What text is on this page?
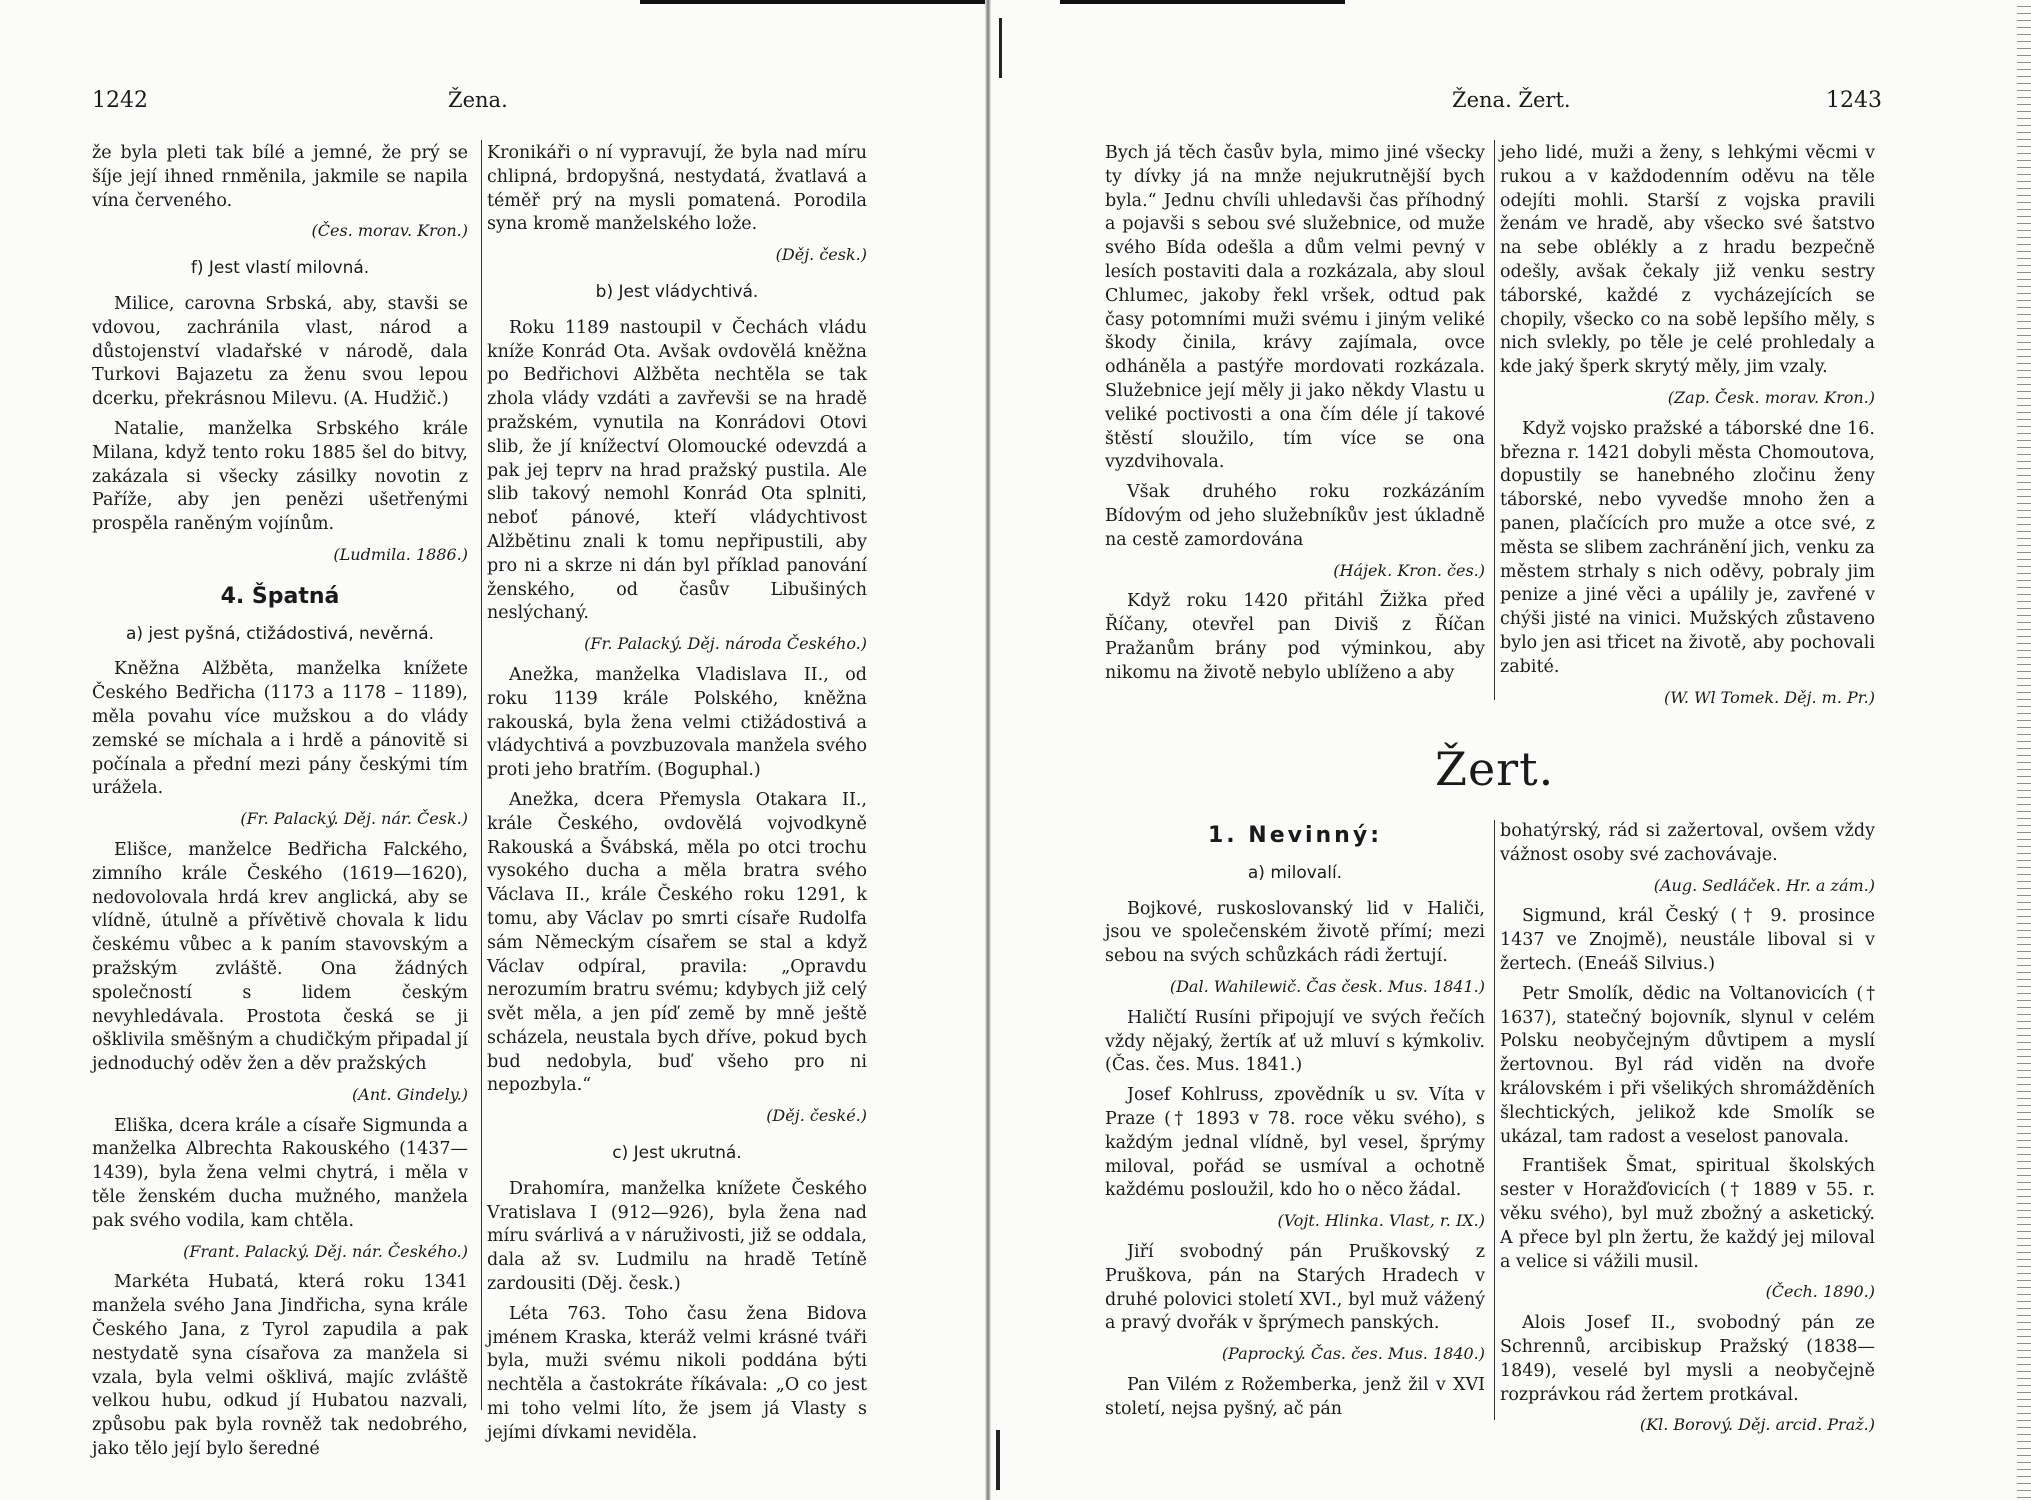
1242	Žena.

že byla pleti tak bílé a jemné, že prý se šíje její ihned rnměnila, jakmile se napila vína červeného.

(Čes. morav. Kron.)
f) Jest vlastí milovná.

Milice, carovna Srbská, aby, stavši se vdovou, zachránila vlast, národ a důstojenství vladařské v národě, dala Turkovi Bajazetu za ženu svou lepou dcerku, překrásnou Milevu. (A. Hudžič.)

Natalie, manželka Srbského krále Milana, když tento roku 1885 šel do bitvy, zakázala si všecky zásilky novotin z Paříže, aby jen penězi ušetřenými prospěla raněným vojínům.

(Ludmila. 1886.)
4. Špatná
a) jest pyšná, ctižádostivá, nevěrná.

Kněžna Alžběta, manželka knížete Českého Bedřicha (1173 a 1178 – 1189), měla povahu více mužskou a do vlády zemské se míchala a i hrdě a pánovitě si počínala a přední mezi pány českými tím urážela.

(Fr. Palacký. Děj. nár. Česk.)

Elišce, manželce Bedřicha Falckého, zimního krále Českého (1619—1620), nedovolovala hrdá krev anglická, aby se vlídně, útulně a přívětivě chovala k lidu českému vůbec a k paním stavovským a pražským zvláště. Ona žádných společností s lidem českým nevyhledávala. Prostota česká se ji ošklivila směšným a chudičkým připadal jí jednoduchý oděv žen a děv pražských

(Ant. Gindely.)

Eliška, dcera krále a císaře Sigmunda a manželka Albrechta Rakouského (1437—1439), byla žena velmi chytrá, i měla v těle ženském ducha mužného, manžela pak svého vodila, kam chtěla.

(Frant. Palacký. Děj. nár. Českého.)

Markéta Hubatá, která roku 1341 manžela svého Jana Jindřicha, syna krále Českého Jana, z Tyrol zapudila a pak nestydatě syna císařova za manžela si vzala, byla velmi ošklivá, majíc zvláště velkou hubu, odkud jí Hubatou nazvali, způsobu pak byla rovněž tak nedobrého, jako tělo její bylo šeredné

Kronikáři o ní vypravují, že byla nad míru chlipná, brdopyšná, nestydatá, žvatlavá a téměř prý na mysli pomatená. Porodila syna kromě manželského lože.

(Děj. česk.)
b) Jest vládychtivá.

Roku 1189 nastoupil v Čechách vládu kníže Konrád Ota. Avšak ovdovělá kněžna po Bedřichovi Alžběta nechtěla se tak zhola vlády vzdáti a zavřevši se na hradě pražském, vynutila na Konrádovi Otovi slib, že jí knížectví Olomoucké odevzdá a pak jej teprv na hrad pražský pustila. Ale slib takový nemohl Konrád Ota splniti, neboť pánové, kteří vládychtivost Alžbětinu znali k tomu nepřipustili, aby pro ni a skrze ni dán byl příklad panování ženského, od časův Libušiných neslýchaný.

(Fr. Palacký. Děj. národa Českého.)

Anežka, manželka Vladislava II., od roku 1139 krále Polského, kněžna rakouská, byla žena velmi ctižádostivá a vládychtivá a povzbuzovala manžela svého proti jeho bratřím. (Boguphal.)

Anežka, dcera Přemysla Otakara II., krále Českého, ovdovělá vojvodkyně Rakouská a Švábská, měla po otci trochu vysokého ducha a měla bratra svého Václava II., krále Českého roku 1291, k tomu, aby Václav po smrti císaře Rudolfa sám Německým císařem se stal a když Václav odpíral, pravila: „Opravdu nerozumím bratru svému; kdybych již celý svět měla, a jen píď země by mně ještě scházela, neustala bych dříve, pokud bych bud nedobyla, buď všeho pro ni nepozbyla.“

(Děj. české.)
c) Jest ukrutná.

Drahomíra, manželka knížete Českého Vratislava I (912—926), byla žena nad míru svárlivá a v náruživosti, již se oddala, dala až sv. Ludmilu na hradě Tetíně zardousiti (Děj. česk.)

Léta 763. Toho času žena Bidova jménem Kraska, kteráž velmi krásné tváři byla, muži svému nikoli poddána býti nechtěla a častokráte říkávala: „O co jest mi toho velmi líto, že jsem já Vlasty s jejími dívkami neviděla.

Žena. Žert.	1243

Bych já těch časův byla, mimo jiné všecky ty dívky já na mnže nejukrutnější bych byla.“ Jednu chvíli uhledavši čas příhodný a pojavši s sebou své služebnice, od muže svého Bída odešla a dům velmi pevný v lesích postaviti dala a rozkázala, aby sloul Chlumec, jakoby řekl vršek, odtud pak časy potomními muži svému i jiným veliké škody činila, krávy zajímala, ovce odháněla a pastýře mordovati rozkázala. Služebnice její měly ji jako někdy Vlastu u veliké poctivosti a ona čím déle jí takové štěstí sloužilo, tím více se ona vyzdvihovala.

Však druhého roku rozkázáním Bídovým od jeho služebníkův jest úkladně na cestě zamordována

(Hájek. Kron. čes.)

Když roku 1420 přitáhl Žižka před Říčany, otevřel pan Diviš z Říčan Pražanům brány pod výminkou, aby nikomu na životě nebylo ublíženo a aby

jeho lidé, muži a ženy, s lehkými věcmi v rukou a v každodenním oděvu na těle odejíti mohli. Starší z vojska pravili ženám ve hradě, aby všecko své šatstvo na sebe oblékly a z hradu bezpečně odešly, avšak čekaly již venku sestry táborské, každé z vycházejících se chopily, všecko co na sobě lepšího měly, s nich svlekly, po těle je celé prohledaly a kde jaký šperk skrytý měly, jim vzaly.

(Zap. Česk. morav. Kron.)

Když vojsko pražské a táborské dne 16. března r. 1421 dobyli města Chomoutova, dopustily se hanebného zločinu ženy táborské, nebo vyvedše mnoho žen a panen, plačících pro muže a otce své, z města se slibem zachránění jich, venku za městem strhaly s nich oděvy, pobraly jim penize a jiné věci a upálily je, zavřené v chýši jisté na vinici. Mužských zůstaveno bylo jen asi třicet na životě, aby pochovali zabité.

(W. Wl Tomek. Děj. m. Pr.)
Žert.
1. Nevinný:
a) milovalí.

Bojkové, ruskoslovanský lid v Haliči, jsou ve společenském životě přímí; mezi sebou na svých schůzkách rádi žertují.

(Dal. Wahilewič. Čas česk. Mus. 1841.)

Haličtí Rusíni připojují ve svých řečích vždy nějaký, žertík ať už mluví s kýmkoliv. (Čas. čes. Mus. 1841.)

Josef Kohlruss, zpovědník u sv. Víta v Praze († 1893 v 78. roce věku svého), s každým jednal vlídně, byl vesel, šprýmy miloval, pořád se usmíval a ochotně každému posloužil, kdo ho o něco žádal.

(Vojt. Hlinka. Vlast, r. IX.)

Jiří svobodný pán Pruškovský z Pruškova, pán na Starých Hradech v druhé polovici století XVI., byl muž vážený a pravý dvořák v šprýmech panských.

(Paprocký. Čas. čes. Mus. 1840.)

Pan Vilém z Rožemberka, jenž žil v XVI století, nejsa pyšný, ač pán

bohatýrský, rád si zažertoval, ovšem vždy vážnost osoby své zachovávaje.

(Aug. Sedláček. Hr. a zám.)

Sigmund, král Český († 9. prosince 1437 ve Znojmě), neustále liboval si v žertech. (Eneáš Silvius.)

Petr Smolík, dědic na Voltanovicích († 1637), statečný bojovník, slynul v celém Polsku neobyčejným důvtipem a myslí žertovnou. Byl rád viděn na dvoře královském i při všelikých shromážděních šlechtických, jelikož kde Smolík se ukázal, tam radost a veselost panovala.

František Šmat, spiritual školských sester v Horažďovicích († 1889 v 55. r. věku svého), byl muž zbožný a asketický. A přece byl pln žertu, že každý jej miloval a velice si vážili musil.

(Čech. 1890.)

Alois Josef II., svobodný pán ze Schrennů, arcibiskup Pražský (1838—1849), veselé byl mysli a neobyčejně rozprávkou rád žertem protkával.

(Kl. Borový. Děj. arcid. Praž.)
